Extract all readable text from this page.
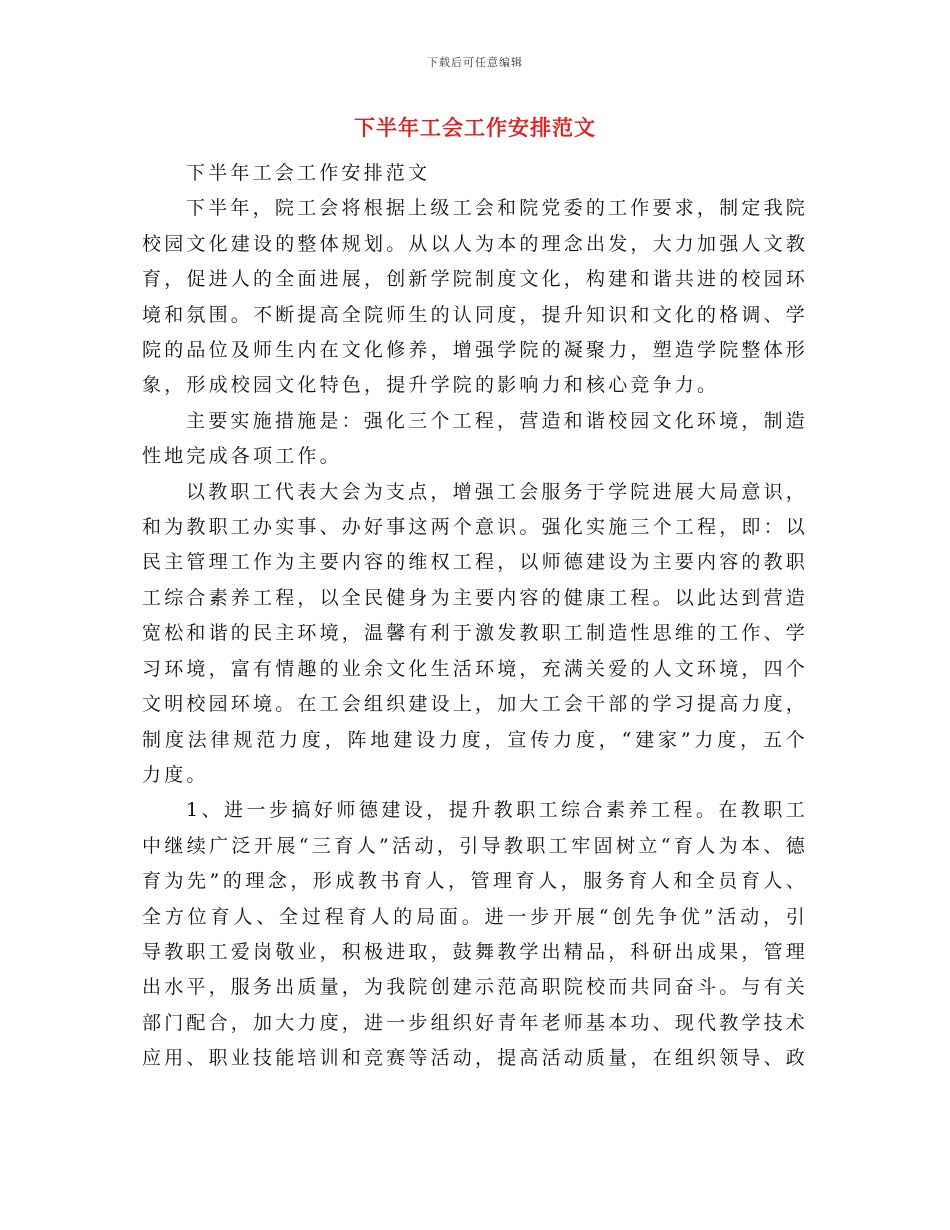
下载后可任意编辑
下半年工会工作安排范文

下半年工会工作安排范文

下半年，院工会将根据上级工会和院党委的工作要求，制定我院校园文化建设的整体规划。从以人为本的理念出发，大力加强人文教育，促进人的全面进展，创新学院制度文化，构建和谐共进的校园环境和氛围。不断提高全院师生的认同度，提升知识和文化的格调、学院的品位及师生内在文化修养，增强学院的凝聚力，塑造学院整体形象，形成校园文化特色，提升学院的影响力和核心竞争力。

主要实施措施是：强化三个工程，营造和谐校园文化环境，制造性地完成各项工作。

以教职工代表大会为支点，增强工会服务于学院进展大局意识，和为教职工办实事、办好事这两个意识。强化实施三个工程，即：以民主管理工作为主要内容的维权工程，以师德建设为主要内容的教职工综合素养工程，以全民健身为主要内容的健康工程。以此达到营造宽松和谐的民主环境，温馨有利于激发教职工制造性思维的工作、学习环境，富有情趣的业余文化生活环境，充满关爱的人文环境，四个文明校园环境。在工会组织建设上，加大工会干部的学习提高力度，制度法律规范力度，阵地建设力度，宣传力度，“建家”力度，五个力度。

1、进一步搞好师德建设，提升教职工综合素养工程。在教职工中继续广泛开展“三育人”活动，引导教职工牢固树立“育人为本、德育为先”的理念，形成教书育人，管理育人，服务育人和全员育人、全方位育人、全过程育人的局面。进一步开展“创先争优”活动，引导教职工爱岗敬业，积极进取，鼓舞教学出精品，科研出成果，管理出水平，服务出质量，为我院创建示范高职院校而共同奋斗。与有关部门配合，加大力度，进一步组织好青年老师基本功、现代教学技术应用、职业技能培训和竞赛等活动，提高活动质量，在组织领导、政
